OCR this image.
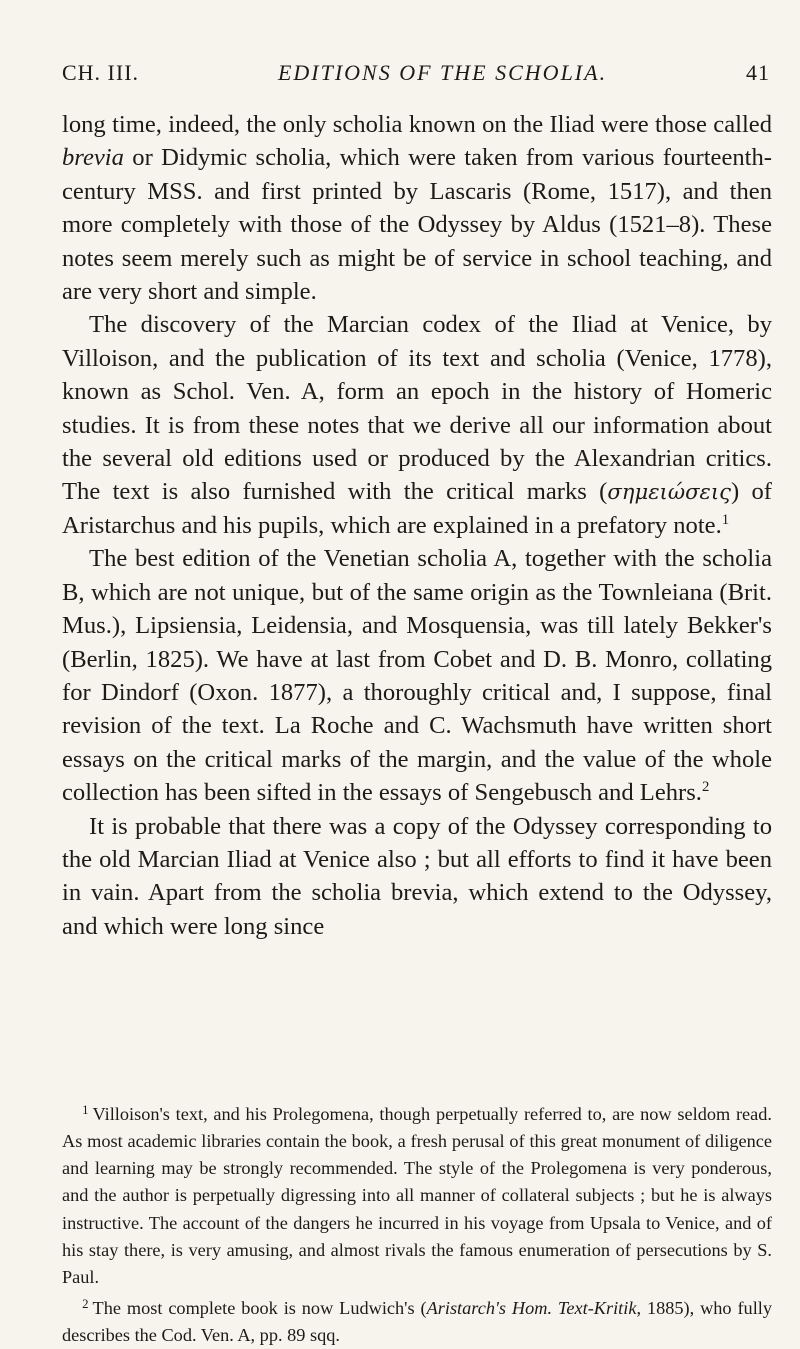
CH. III.	EDITIONS OF THE SCHOLIA.	41

long time, indeed, the only scholia known on the Iliad were those called brevia or Didymic scholia, which were taken from various fourteenth-century MSS. and first printed by Lascaris (Rome, 1517), and then more completely with those of the Odyssey by Aldus (1521–8). These notes seem merely such as might be of service in school teaching, and are very short and simple.

The discovery of the Marcian codex of the Iliad at Venice, by Villoison, and the publication of its text and scholia (Venice, 1778), known as Schol. Ven. A, form an epoch in the history of Homeric studies. It is from these notes that we derive all our information about the several old editions used or produced by the Alexandrian critics. The text is also furnished with the critical marks (σημειώσεις) of Aristarchus and his pupils, which are explained in a prefatory note.$^1$

The best edition of the Venetian scholia A, together with the scholia B, which are not unique, but of the same origin as the Townleiana (Brit. Mus.), Lipsiensia, Leidensia, and Mosquensia, was till lately Bekker's (Berlin, 1825). We have at last from Cobet and D. B. Monro, collating for Dindorf (Oxon. 1877), a thoroughly critical and, I suppose, final revision of the text. La Roche and C. Wachsmuth have written short essays on the critical marks of the margin, and the value of the whole collection has been sifted in the essays of Sengebusch and Lehrs.$^2$

It is probable that there was a copy of the Odyssey corresponding to the old Marcian Iliad at Venice also ; but all efforts to find it have been in vain. Apart from the scholia brevia, which extend to the Odyssey, and which were long since

$^1$ Villoison's text, and his Prolegomena, though perpetually referred to, are now seldom read. As most academic libraries contain the book, a fresh perusal of this great monument of diligence and learning may be strongly recommended. The style of the Prolegomena is very ponderous, and the author is perpetually digressing into all manner of collateral subjects ; but he is always instructive. The account of the dangers he incurred in his voyage from Upsala to Venice, and of his stay there, is very amusing, and almost rivals the famous enumeration of persecutions by S. Paul.

$^2$ The most complete book is now Ludwich's (Aristarch's Hom. Text-Kritik, 1885), who fully describes the Cod. Ven. A, pp. 89 sqq.
